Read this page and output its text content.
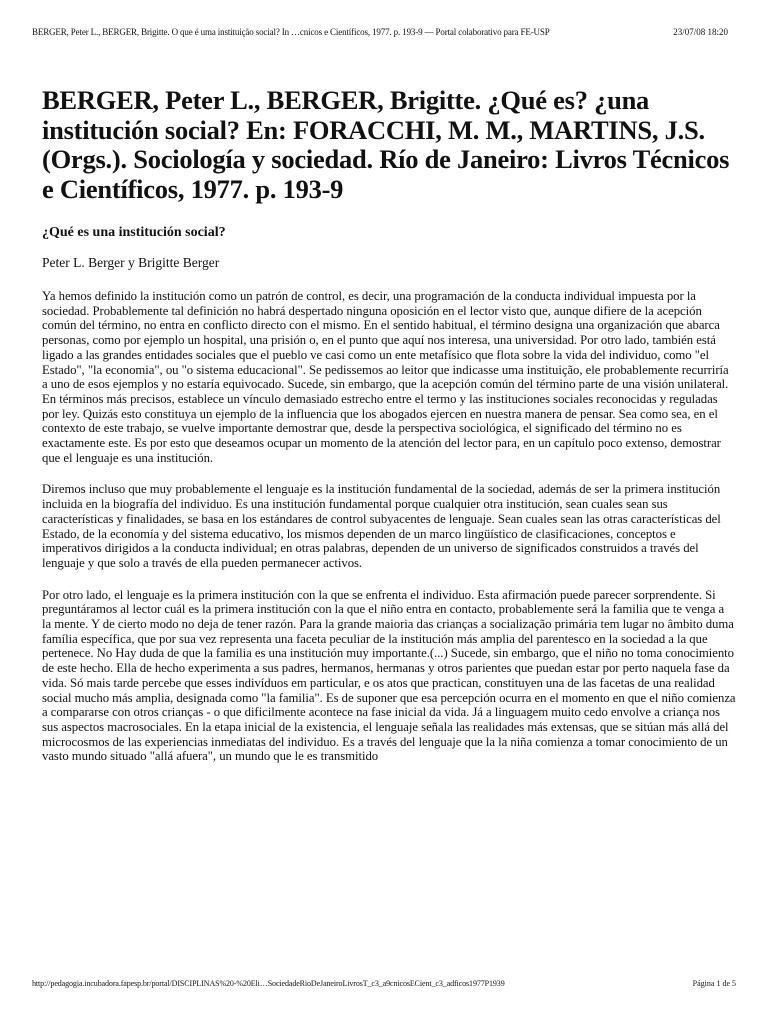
BERGER, Peter L., BERGER, Brigitte. O que é uma instituição social? In …cnicos e Científicos, 1977. p. 193-9 — Portal colaborativo para FE-USP	23/07/08 18:20
BERGER, Peter L., BERGER, Brigitte. ¿Qué es? ¿una institución social? En: FORACCHI, M. M., MARTINS, J.S. (Orgs.). Sociología y sociedad. Río de Janeiro: Livros Técnicos e Científicos, 1977. p. 193-9
¿Qué es una institución social?

Peter L. Berger y Brigitte Berger

Ya hemos definido la institución como un patrón de control, es decir, una programación de la conducta individual impuesta por la sociedad. Probablemente tal definición no habrá despertado ninguna oposición en el lector visto que, aunque difiere de la acepción común del término, no entra en conflicto directo con el mismo. En el sentido habitual, el término designa una organización que abarca personas, como por ejemplo un hospital, una prisión o, en el punto que aquí nos interesa, una universidad. Por otro lado, también está ligado a las grandes entidades sociales que el pueblo ve casi como un ente metafísico que flota sobre la vida del individuo, como "el Estado", "la economia", ou "o sistema educacional". Se pedissemos ao leitor que indicasse uma instituição, ele probablemente recurriría a uno de esos ejemplos y no estaría equivocado. Sucede, sin embargo, que la acepción común del término parte de una visión unilateral. En términos más precisos, establece un vínculo demasiado estrecho entre el termo y las instituciones sociales reconocidas y reguladas por ley. Quizás esto constituya un ejemplo de la influencia que los abogados ejercen en nuestra manera de pensar. Sea como sea, en el contexto de este trabajo, se vuelve importante demostrar que, desde la perspectiva sociológica, el significado del término no es exactamente este. Es por esto que deseamos ocupar un momento de la atención del lector para, en un capítulo poco extenso, demostrar que el lenguaje es una institución.

Diremos incluso que muy probablemente el lenguaje es la institución fundamental de la sociedad, además de ser la primera institución incluida en la biografía del individuo. Es una institución fundamental porque cualquier otra institución, sean cuales sean sus características y finalidades, se basa en los estándares de control subyacentes de lenguaje. Sean cuales sean las otras características del Estado, de la economía y del sistema educativo, los mismos dependen de un marco lingüístico de clasificaciones, conceptos e imperativos dirigidos a la conducta individual; en otras palabras, dependen de un universo de significados construidos a través del lenguaje y que solo a través de ella pueden permanecer activos.

Por otro lado, el lenguaje es la primera institución con la que se enfrenta el individuo. Esta afirmación puede parecer sorprendente. Si preguntáramos al lector cuál es la primera institución con la que el niño entra en contacto, probablemente será la familia que te venga a la mente. Y de cierto modo no deja de tener razón. Para la grande maioria das crianças a socialização primária tem lugar no âmbito duma família específica, que por sua vez representa una faceta peculiar de la institución más amplia del parentesco en la sociedad a la que pertenece. No Hay duda de que la familia es una institución muy importante.(...) Sucede, sin embargo, que el niño no toma conocimiento de este hecho. Ella de hecho experimenta a sus padres, hermanos, hermanas y otros parientes que puedan estar por perto naquela fase da vida. Só mais tarde percebe que esses indivíduos em particular, e os atos que practican, constituyen una de las facetas de una realidad social mucho más amplia, designada como "la familia". Es de suponer que esa percepción ocurra en el momento en que el niño comienza a compararse con otros crianças - o que dificilmente acontece na fase inicial da vida. Já a linguagem muito cedo envolve a criança nos sus aspectos macrosociales. En la etapa inicial de la existencia, el lenguaje señala las realidades más extensas, que se sitúan más allá del microcosmos de las experiencias inmediatas del individuo. Es a través del lenguaje que la la niña comienza a tomar conocimiento de un vasto mundo situado "allá afuera", un mundo que le es transmitido

http://pedagogia.incubadora.fapesp.br/portal/DISCIPLINAS%20-%20Eli…SociedadeRioDeJaneiroLivrosT_c3_a9cnicosECient_c3_adficos1977P1939	Página 1 de 5
